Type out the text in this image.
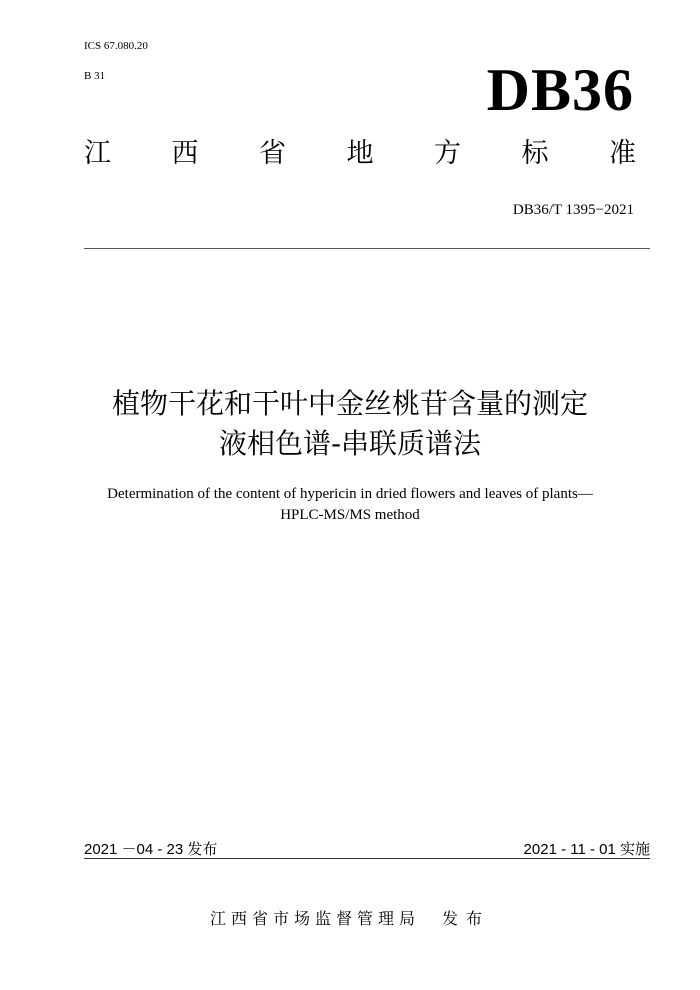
ICS 67.080.20
B 31	DB36
江 西 省 地 方 标 准
DB36/T 1395−2021
植物干花和干叶中金丝桃苷含量的测定
液相色谱-串联质谱法
Determination of the content of hypericin in dried flowers and leaves of plants—
HPLC-MS/MS method
2021 －04 - 23 发布	2021 - 11 - 01 实施
江西省市场监督管理局 发布
